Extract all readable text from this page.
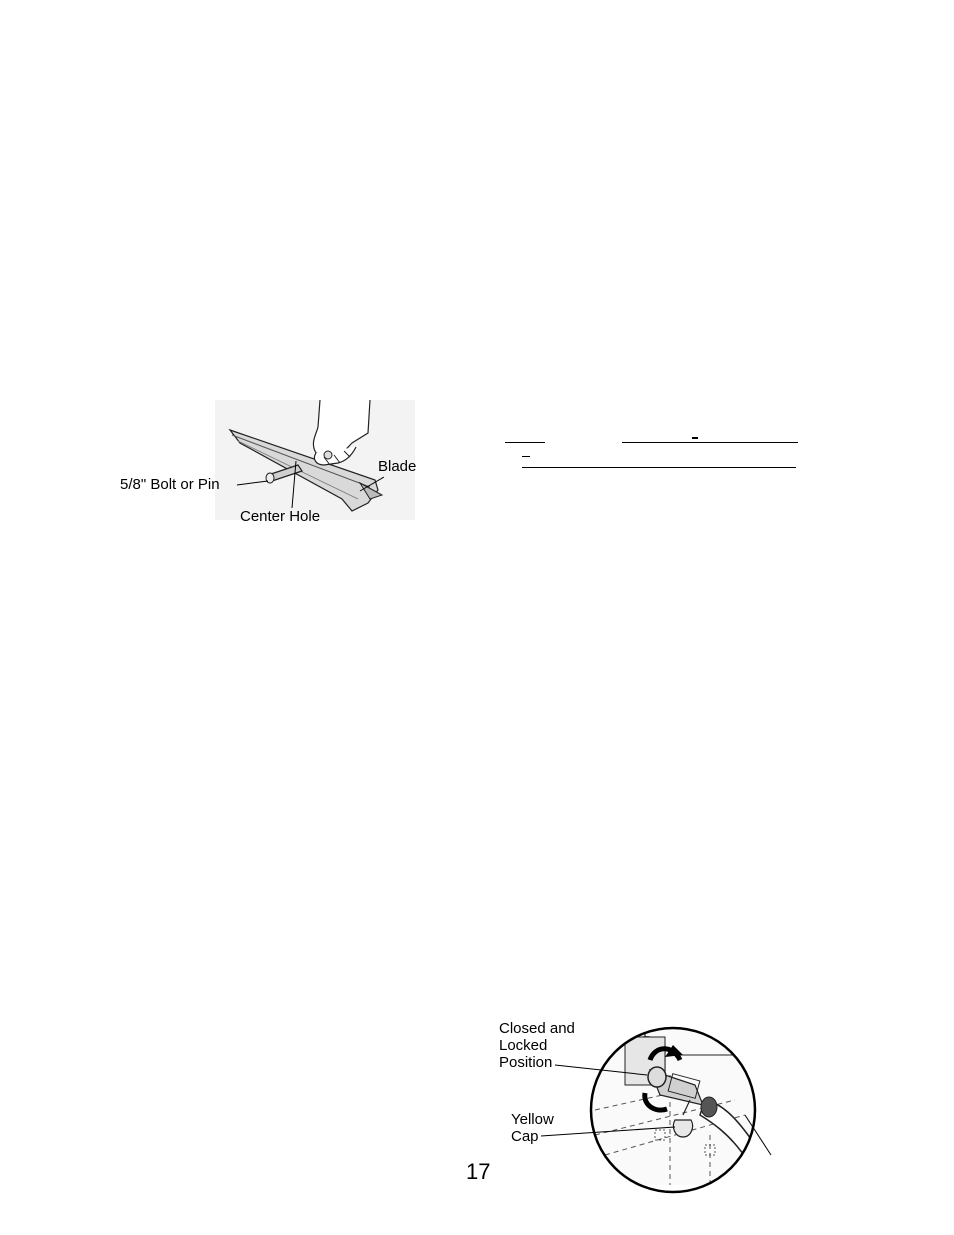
5/8" Bolt or Pin
Blade
Center Hole
17
Closed and
Locked
Position
Yellow
Cap
